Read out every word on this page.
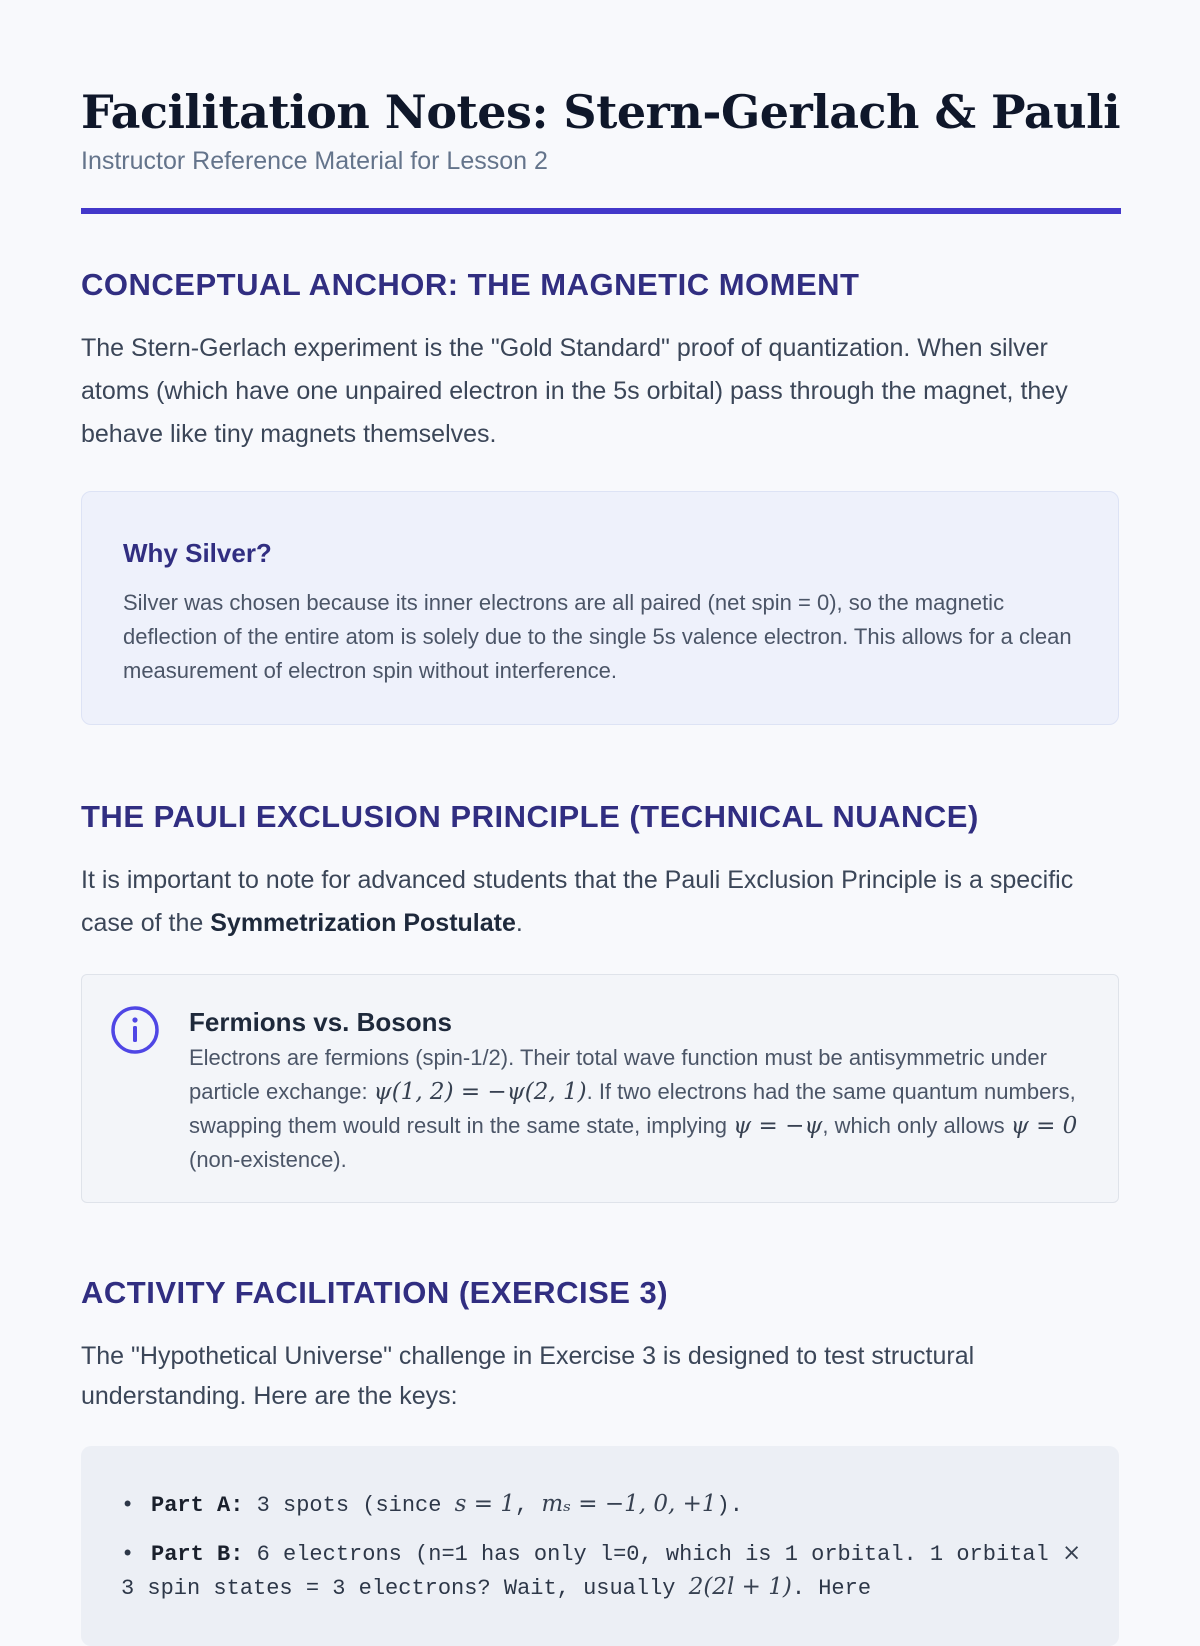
Facilitation Notes: Stern-Gerlach & Pauli
Instructor Reference Material for Lesson 2
CONCEPTUAL ANCHOR: THE MAGNETIC MOMENT

The Stern-Gerlach experiment is the "Gold Standard" proof of quantization. When silver atoms (which have one unpaired electron in the 5s orbital) pass through the magnet, they behave like tiny magnets themselves.

Why Silver?
Silver was chosen because its inner electrons are all paired (net spin = 0), so the magnetic deflection of the entire atom is solely due to the single 5s valence electron. This allows for a clean measurement of electron spin without interference.
THE PAULI EXCLUSION PRINCIPLE (TECHNICAL NUANCE)

It is important to note for advanced students that the Pauli Exclusion Principle is a specific case of the Symmetrization Postulate.

Fermions vs. Bosons
Electrons are fermions (spin-1/2). Their total wave function must be antisymmetric under particle exchange: ψ(1, 2) = −ψ(2, 1). If two electrons had the same quantum numbers, swapping them would result in the same state, implying ψ = −ψ, which only allows ψ = 0 (non-existence).
ACTIVITY FACILITATION (EXERCISE 3)

The "Hypothetical Universe" challenge in Exercise 3 is designed to test structural understanding. Here are the keys:

• Part A: 3 spots (since s = 1, mₛ = −1, 0, +1).
• Part B: 6 electrons (n=1 has only l=0, which is 1 orbital. 1 orbital × 3 spin states = 3 electrons? Wait, usually 2(2l + 1). Here
